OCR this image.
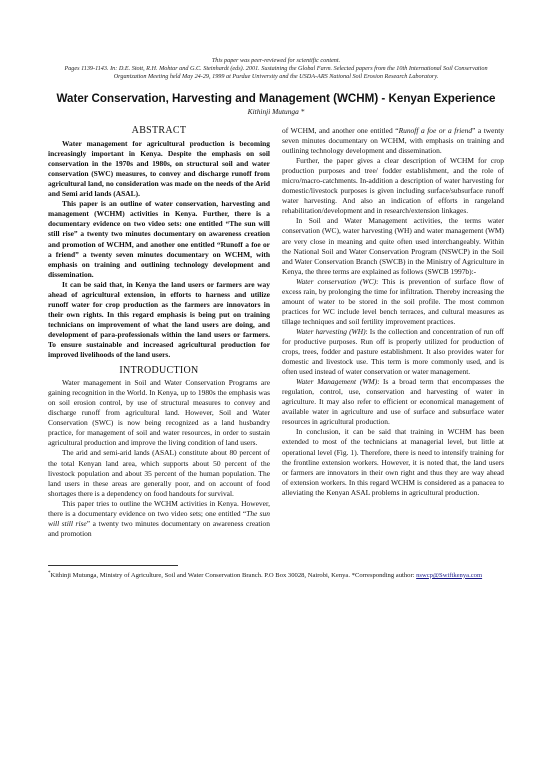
This paper was peer-reviewed for scientific content.
Pages 1139-1143. In: D.E. Stott, R.H. Mohtar and G.C. Steinhardt (eds). 2001. Sustaining the Global Farm. Selected papers from the 10th International Soil Conservation Organization Meeting held May 24-29, 1999 at Purdue University and the USDA-ARS National Soil Erosion Research Laboratory.
Water Conservation, Harvesting and Management (WCHM) - Kenyan Experience
Kithinji Mutunga *
ABSTRACT

Water management for agricultural production is becoming increasingly important in Kenya. Despite the emphasis on soil conservation in the 1970s and 1980s, on structural soil and water conservation (SWC) measures, to convey and discharge runoff from agricultural land, no consideration was made on the needs of the Arid and Semi arid lands (ASAL).

This paper is an outline of water conservation, harvesting and management (WCHM) activities in Kenya. Further, there is a documentary evidence on two video sets: one entitled “The sun will still rise” a twenty two minutes documentary on awareness creation and promotion of WCHM, and another one entitled “Runoff a foe or a friend” a twenty seven minutes documentary on WCHM, with emphasis on training and outlining technology development and dissemination.

It can be said that, in Kenya the land users or farmers are way ahead of agricultural extension, in efforts to harness and utilize runoff water for crop production as the farmers are innovators in their own rights. In this regard emphasis is being put on training technicians on improvement of what the land users are doing, and development of para-professionals within the land users or farmers. To ensure sustainable and increased agricultural production for improved livelihoods of the land users.

INTRODUCTION

Water management in Soil and Water Conservation Programs are gaining recognition in the World. In Kenya, up to 1980s the emphasis was on soil erosion control, by use of structural measures to convey and discharge runoff from agricultural land. However, Soil and Water Conservation (SWC) is now being recognized as a land husbandry practice, for management of soil and water resources, in order to sustain agricultural production and improve the living condition of land users.

The arid and semi-arid lands (ASAL) constitute about 80 percent of the total Kenyan land area, which supports about 50 percent of the livestock population and about 35 percent of the human population. The land users in these areas are generally poor, and on account of food shortages there is a dependency on food handouts for survival.

This paper tries to outline the WCHM activities in Kenya. However, there is a documentary evidence on two video sets; one entitled “The sun will still rise” a twenty two minutes documentary on awareness creation and promotion

of WCHM, and another one entitled “Runoff a foe or a friend” a twenty seven minutes documentary on WCHM, with emphasis on training and outlining technology development and dissemination.

Further, the paper gives a clear description of WCHM for crop production purposes and tree/ fodder establishment, and the role of micro/macro-catchments. In-addition a description of water harvesting for domestic/livestock purposes is given including surface/subsurface runoff water harvesting. And also an indication of efforts in rangeland rehabilitation/development and in research/extension linkages.

In Soil and Water Management activities, the terms water conservation (WC), water harvesting (WH) and water management (WM) are very close in meaning and quite often used interchangeably. Within the National Soil and Water Conservation Program (NSWCP) in the Soil and Water Conservation Branch (SWCB) in the Ministry of Agriculture in Kenya, the three terms are explained as follows (SWCB 1997b):-

Water conservation (WC): This is prevention of surface flow of excess rain, by prolonging the time for infiltration. Thereby increasing the amount of water to be stored in the soil profile. The most common practices for WC include level bench terraces, and cultural measures as tillage techniques and soil fertility improvement practices.

Water harvesting (WH): Is the collection and concentration of run off for productive purposes. Run off is properly utilized for production of crops, trees, fodder and pasture establishment. It also provides water for domestic and livestock use. This term is more commonly used, and is often used instead of water conservation or water management.

Water Management (WM): Is a broad term that encompasses the regulation, control, use, conservation and harvesting of water in agriculture. It may also refer to efficient or economical management of available water in agriculture and use of surface and subsurface water resources in agricultural production.

In conclusion, it can be said that training in WCHM has been extended to most of the technicians at managerial level, but little at operational level (Fig. 1). Therefore, there is need to intensify training for the frontline extension workers. However, it is noted that, the land users or farmers are innovators in their own right and thus they are way ahead of extension workers. In this regard WCHM is considered as a panacea to alleviating the Kenyan ASAL problems in agricultural production.

*Kithinji Mutunga, Ministry of Agriculture, Soil and Water Conservation Branch. P.O Box 30028, Nairobi, Kenya. *Corresponding author: nswcp@Swiftkenya.com
